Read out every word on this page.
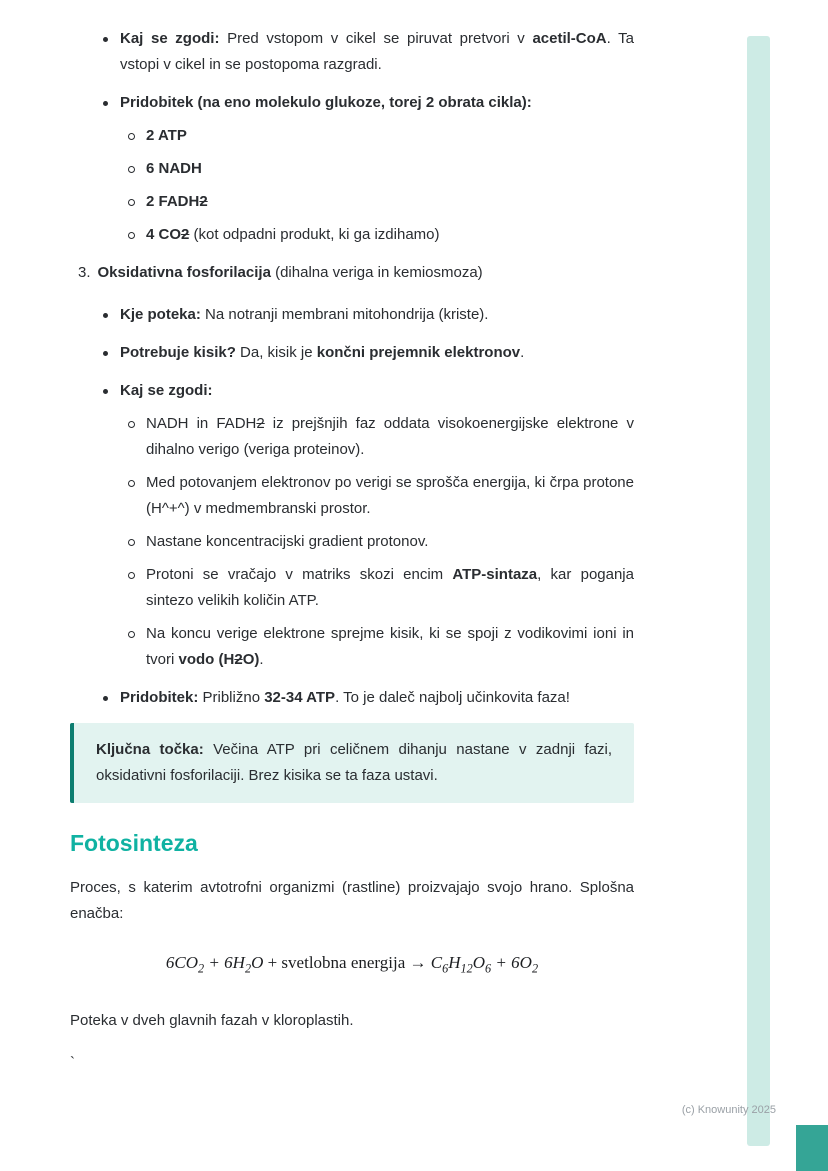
Kaj se zgodi: Pred vstopom v cikel se piruvat pretvori v acetil-CoA. Ta vstopi v cikel in se postopoma razgradi.
Pridobitek (na eno molekulo glukoze, torej 2 obrata cikla):
2 ATP
6 NADH
2 FADH2
4 CO2 (kot odpadni produkt, ki ga izdihamo)
3. Oksidativna fosforilacija (dihalna veriga in kemiosmoza)
Kje poteka: Na notranji membrani mitohondrija (kriste).
Potrebuje kisik? Da, kisik je končni prejemnik elektronov.
Kaj se zgodi:
NADH in FADH2 iz prejšnjih faz oddata visokoenergijske elektrone v dihalno verigo (veriga proteinov).
Med potovanjem elektronov po verigi se sprošča energija, ki črpa protone (H^+^) v medmembranski prostor.
Nastane koncentracijski gradient protonov.
Protoni se vračajo v matriks skozi encim ATP-sintaza, kar poganja sintezo velikih količin ATP.
Na koncu verige elektrone sprejme kisik, ki se spoji z vodikovimi ioni in tvori vodo (H2O).
Pridobitek: Približno 32-34 ATP. To je daleč najbolj učinkovita faza!

Ključna točka: Večina ATP pri celičnem dihanju nastane v zadnji fazi, oksidativni fosforilaciji. Brez kisika se ta faza ustavi.

Fotosinteza

Proces, s katerim avtotrofni organizmi (rastline) proizvajajo svojo hrano. Splošna enačba:

$6CO_2 + 6H_2O$ + svetlobna energija → $C_6H_{12}O_6 + 6O_2$

Poteka v dveh glavnih fazah v kloroplastih.

`

(c) Knowunity 2025
